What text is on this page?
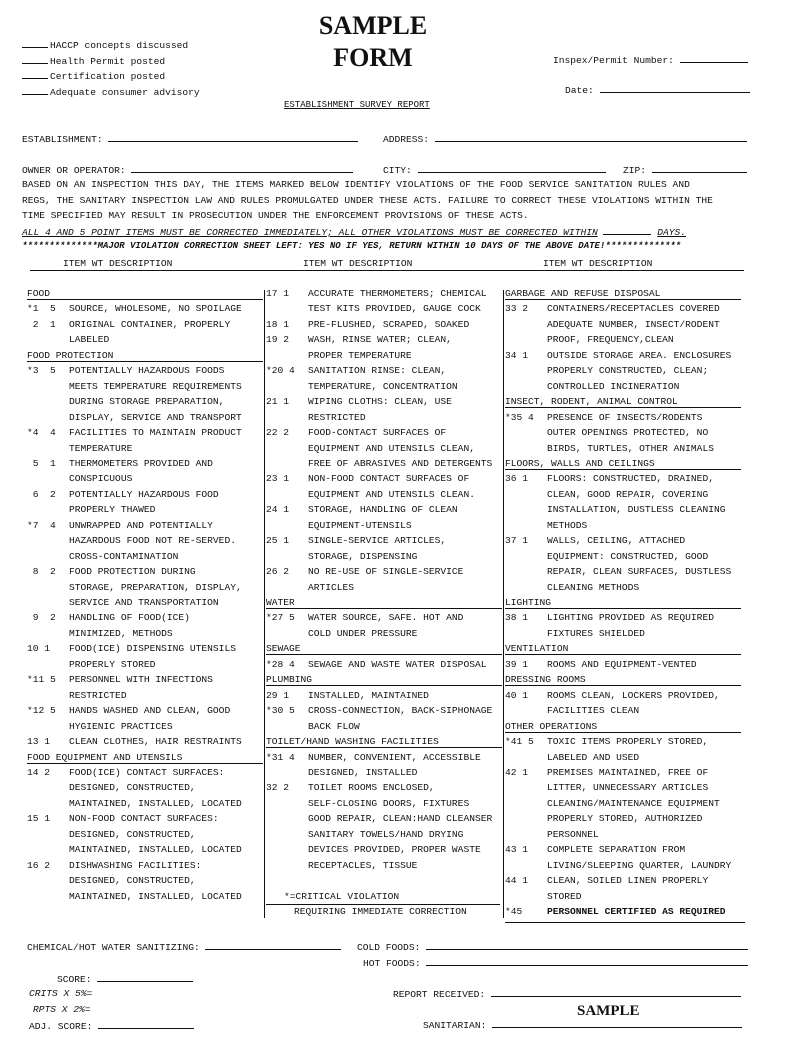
SAMPLE
FORM
ESTABLISHMENT SURVEY REPORT
HACCP concepts discussed
Health Permit posted
Certification posted
Adequate consumer advisory
Inspex/Permit Number:
Date:
ESTABLISHMENT:	ADDRESS:
OWNER OR OPERATOR:	CITY:	ZIP:
BASED ON AN INSPECTION THIS DAY, THE ITEMS MARKED BELOW IDENTIFY VIOLATIONS OF THE FOOD SERVICE SANITATION RULES AND
REGS, THE SANITARY INSPECTION LAW AND RULES PROMULGATED UNDER THESE ACTS. FAILURE TO CORRECT THESE VIOLATIONS WITHIN THE
TIME SPECIFIED MAY RESULT IN PROSECUTION UNDER THE ENFORCEMENT PROVISIONS OF THESE ACTS.
ALL 4 AND 5 POINT ITEMS MUST BE CORRECTED IMMEDIATELY; ALL OTHER VIOLATIONS MUST BE CORRECTED WITHIN	DAYS.
**************MAJOR VIOLATION CORRECTION SHEET LEFT: YES NO IF YES, RETURN WITHIN 10 DAYS OF THE ABOVE DATE!**************
ITEM WT DESCRIPTION	ITEM WT DESCRIPTION	ITEM WT DESCRIPTION
FOOD
*1  5	SOURCE, WHOLESOME, NO SPOILAGE
2  1	ORIGINAL CONTAINER, PROPERLY
LABELED
FOOD PROTECTION
*3  5	POTENTIALLY HAZARDOUS FOODS
MEETS TEMPERATURE REQUIREMENTS
DURING STORAGE PREPARATION,
DISPLAY, SERVICE AND TRANSPORT
*4  4	FACILITIES TO MAINTAIN PRODUCT
TEMPERATURE
5  1	THERMOMETERS PROVIDED AND
CONSPICUOUS
6  2	POTENTIALLY HAZARDOUS FOOD
PROPERLY THAWED
*7  4	UNWRAPPED AND POTENTIALLY
HAZARDOUS FOOD NOT RE-SERVED.
CROSS-CONTAMINATION
8  2	FOOD PROTECTION DURING
STORAGE, PREPARATION, DISPLAY,
SERVICE AND TRANSPORTATION
9  2	HANDLING OF FOOD(ICE)
MINIMIZED, METHODS
10 1	FOOD(ICE) DISPENSING UTENSILS
PROPERLY STORED
*11 5	PERSONNEL WITH INFECTIONS
RESTRICTED
*12 5	HANDS WASHED AND CLEAN, GOOD
HYGIENIC PRACTICES
13 1	CLEAN CLOTHES, HAIR RESTRAINTS
FOOD EQUIPMENT AND UTENSILS
14 2	FOOD(ICE) CONTACT SURFACES:
DESIGNED, CONSTRUCTED,
MAINTAINED, INSTALLED, LOCATED
15 1	NON-FOOD CONTACT SURFACES:
DESIGNED, CONSTRUCTED,
MAINTAINED, INSTALLED, LOCATED
16 2	DISHWASHING FACILITIES:
DESIGNED, CONSTRUCTED,
MAINTAINED, INSTALLED, LOCATED
17 1	ACCURATE THERMOMETERS; CHEMICAL
TEST KITS PROVIDED, GAUGE COCK
18 1	PRE-FLUSHED, SCRAPED, SOAKED
19 2	WASH, RINSE WATER; CLEAN,
PROPER TEMPERATURE
*20 4	SANITATION RINSE: CLEAN,
TEMPERATURE, CONCENTRATION
21 1	WIPING CLOTHS: CLEAN, USE
RESTRICTED
22 2	FOOD-CONTACT SURFACES OF
EQUIPMENT AND UTENSILS CLEAN,
FREE OF ABRASIVES AND DETERGENTS
23 1	NON-FOOD CONTACT SURFACES OF
EQUIPMENT AND UTENSILS CLEAN.
24 1	STORAGE, HANDLING OF CLEAN
EQUIPMENT-UTENSILS
25 1	SINGLE-SERVICE ARTICLES,
STORAGE, DISPENSING
26 2	NO RE-USE OF SINGLE-SERVICE
ARTICLES
WATER
*27 5	WATER SOURCE, SAFE. HOT AND
COLD UNDER PRESSURE
SEWAGE
*28 4	SEWAGE AND WASTE WATER DISPOSAL
PLUMBING
29 1	INSTALLED, MAINTAINED
*30 5	CROSS-CONNECTION, BACK-SIPHONAGE
BACK FLOW
TOILET/HAND WASHING FACILITIES
*31 4	NUMBER, CONVENIENT, ACCESSIBLE
DESIGNED, INSTALLED
32 2	TOILET ROOMS ENCLOSED,
SELF-CLOSING DOORS, FIXTURES
GOOD REPAIR, CLEAN:HAND CLEANSER
SANITARY TOWELS/HAND DRYING
DEVICES PROVIDED, PROPER WASTE
RECEPTACLES, TISSUE
*=CRITICAL VIOLATION
REQUIRING IMMEDIATE CORRECTION
GARBAGE AND REFUSE DISPOSAL
33 2	CONTAINERS/RECEPTACLES COVERED
ADEQUATE NUMBER, INSECT/RODENT
PROOF, FREQUENCY,CLEAN
34 1	OUTSIDE STORAGE AREA. ENCLOSURES
PROPERLY CONSTRUCTED, CLEAN;
CONTROLLED INCINERATION
INSECT, RODENT, ANIMAL CONTROL
*35 4	PRESENCE OF INSECTS/RODENTS
OUTER OPENINGS PROTECTED, NO
BIRDS, TURTLES, OTHER ANIMALS
FLOORS, WALLS AND CEILINGS
36 1	FLOORS: CONSTRUCTED, DRAINED,
CLEAN, GOOD REPAIR, COVERING
INSTALLATION, DUSTLESS CLEANING
METHODS
37 1	WALLS, CEILING, ATTACHED
EQUIPMENT: CONSTRUCTED, GOOD
REPAIR, CLEAN SURFACES, DUSTLESS
CLEANING METHODS
LIGHTING
38 1	LIGHTING PROVIDED AS REQUIRED
FIXTURES SHIELDED
VENTILATION
39 1	ROOMS AND EQUIPMENT-VENTED
DRESSING ROOMS
40 1	ROOMS CLEAN, LOCKERS PROVIDED,
FACILITIES CLEAN
OTHER OPERATIONS
*41 5	TOXIC ITEMS PROPERLY STORED,
LABELED AND USED
42 1	PREMISES MAINTAINED, FREE OF
LITTER, UNNECESSARY ARTICLES
CLEANING/MAINTENANCE EQUIPMENT
PROPERLY STORED, AUTHORIZED
PERSONNEL
43 1	COMPLETE SEPARATION FROM
LIVING/SLEEPING QUARTER, LAUNDRY
44 1	CLEAN, SOILED LINEN PROPERLY
STORED
*45	PERSONNEL CERTIFIED AS REQUIRED
CHEMICAL/HOT WATER SANITIZING:	COLD FOODS:
HOT FOODS:
SCORE:
CRITS X 5%=
RPTS X 2%=
ADJ. SCORE:
REPORT RECEIVED:
SANITARIAN:
SAMPLE
